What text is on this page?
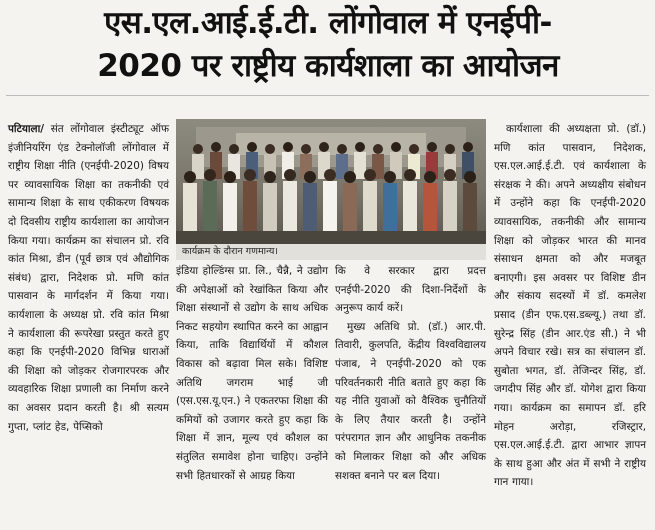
एस.एल.आई.ई.टी. लोंगोवाल में एनईपी-
2020 पर राष्ट्रीय कार्यशाला का आयोजन

पटियाला/ संत लोंगोवाल इंस्टीट्यूट ऑफ इंजीनियरिंग एंड टेक्नोलॉजी लोंगोवाल में राष्ट्रीय शिक्षा नीति (एनईपी-2020) विषय पर व्यावसायिक शिक्षा का तकनीकी एवं सामान्य शिक्षा के साथ एकीकरण विषयक दो दिवसीय राष्ट्रीय कार्यशाला का आयोजन किया गया। कार्यक्रम का संचालन प्रो. रवि कांत मिश्रा, डीन (पूर्व छात्र एवं औद्योगिक संबंध) द्वारा, निदेशक प्रो. मणि कांत पासवान के मार्गदर्शन में किया गया। कार्यशाला के अध्यक्ष प्रो. रवि कांत मिश्रा ने कार्यशाला की रूपरेखा प्रस्तुत करते हुए कहा कि एनईपी-2020 विभिन्न धाराओं की शिक्षा को जोड़कर रोजगारपरक और व्यवहारिक शिक्षा प्रणाली का निर्माण करने का अवसर प्रदान करती है। श्री सत्यम गुप्ता, प्लांट हेड, पेप्सिको

कार्यक्रम के दौरान गणमान्य।

इंडिया होल्डिंग्स प्रा. लि., चैन्नै, ने उद्योग की अपेक्षाओं को रेखांकित किया और शिक्षा संस्थानों से उद्योग के साथ अधिक निकट सहयोग स्थापित करने का आह्वान किया, ताकि विद्यार्थियों में कौशल विकास को बढ़ावा मिल सके। विशिष्ट अतिथि जगराम भाई जी (एस.एस.यू.एन.) ने एकतरफा शिक्षा की कमियों को उजागर करते हुए कहा कि शिक्षा में ज्ञान, मूल्य एवं कौशल का संतुलित समावेश होना चाहिए। उन्होंने सभी हितधारकों से आग्रह किया

कि वे सरकार द्वारा प्रदत्त एनईपी-2020 की दिशा-निर्देशों के अनुरूप कार्य करें।

मुख्य अतिथि प्रो. (डॉ.) आर.पी. तिवारी, कुलपति, केंद्रीय विश्वविद्यालय पंजाब, ने एनईपी-2020 को एक परिवर्तनकारी नीति बताते हुए कहा कि यह नीति युवाओं को वैश्विक चुनौतियों के लिए तैयार करती है। उन्होंने परंपरागत ज्ञान और आधुनिक तकनीक को मिलाकर शिक्षा को और अधिक सशक्त बनाने पर बल दिया।

कार्यशाला की अध्यक्षता प्रो. (डॉ.) मणि कांत पासवान, निदेशक, एस.एल.आई.ई.टी. एवं कार्यशाला के संरक्षक ने की। अपने अध्यक्षीय संबोधन में उन्होंने कहा कि एनईपी-2020 व्यावसायिक, तकनीकी और सामान्य शिक्षा को जोड़कर भारत की मानव संसाधन क्षमता को और मजबूत बनाएगी। इस अवसर पर विशिष्ट डीन और संकाय सदस्यों में डॉ. कमलेश प्रसाद (डीन एफ.एस.डब्ल्यू.) तथा डॉ. सुरेन्द्र सिंह (डीन आर.एंड सी.) ने भी अपने विचार रखे। सत्र का संचालन डॉ. सुबोता भगत, डॉ. तेजिन्दर सिंह, डॉ. जगदीप सिंह और डॉ. योगेश द्वारा किया गया। कार्यक्रम का समापन डॉ. हरि मोहन अरोड़ा, रजिस्ट्रार, एस.एल.आई.ई.टी. द्वारा आभार ज्ञापन के साथ हुआ और अंत में सभी ने राष्ट्रीय गान गाया।
